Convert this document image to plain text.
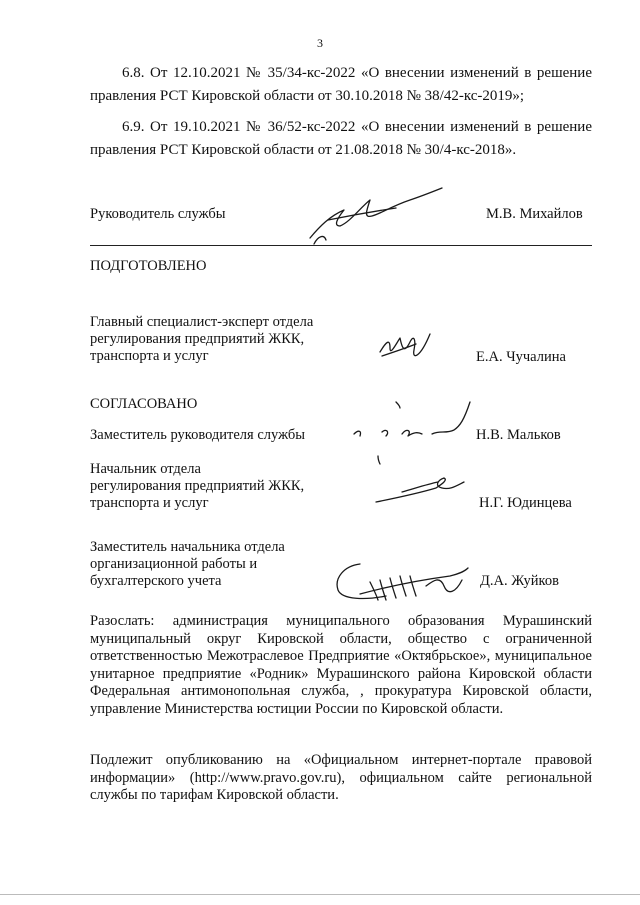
3
6.8. От 12.10.2021 № 35/34-кс-2022 «О внесении изменений в решение правления РСТ Кировской области от 30.10.2018 № 38/42-кс-2019»;
6.9. От 19.10.2021 № 36/52-кс-2022 «О внесении изменений в решение правления РСТ Кировской области от 21.08.2018 № 30/4-кс-2018».
Руководитель службы	М.В. Михайлов
ПОДГОТОВЛЕНО
Главный специалист-эксперт отдела
регулирования предприятий ЖКК,
транспорта и услуг	Е.А. Чучалина
СОГЛАСОВАНО
Заместитель руководителя службы	Н.В. Мальков
Начальник отдела
регулирования предприятий ЖКК,
транспорта и услуг	Н.Г. Юдинцева
Заместитель начальника отдела
организационной работы и
бухгалтерского учета	Д.А. Жуйков
Разослать: администрация муниципального образования Мурашинский муниципальный округ Кировской области, общество с ограниченной ответственностью Межотраслевое Предприятие «Октябрьское», муниципальное унитарное предприятие «Родник» Мурашинского района Кировской области Федеральная антимонопольная служба, , прокуратура Кировской области, управление Министерства юстиции России по Кировской области.
Подлежит опубликованию на «Официальном интернет-портале правовой информации» (http://www.pravo.gov.ru), официальном сайте региональной службы по тарифам Кировской области.
